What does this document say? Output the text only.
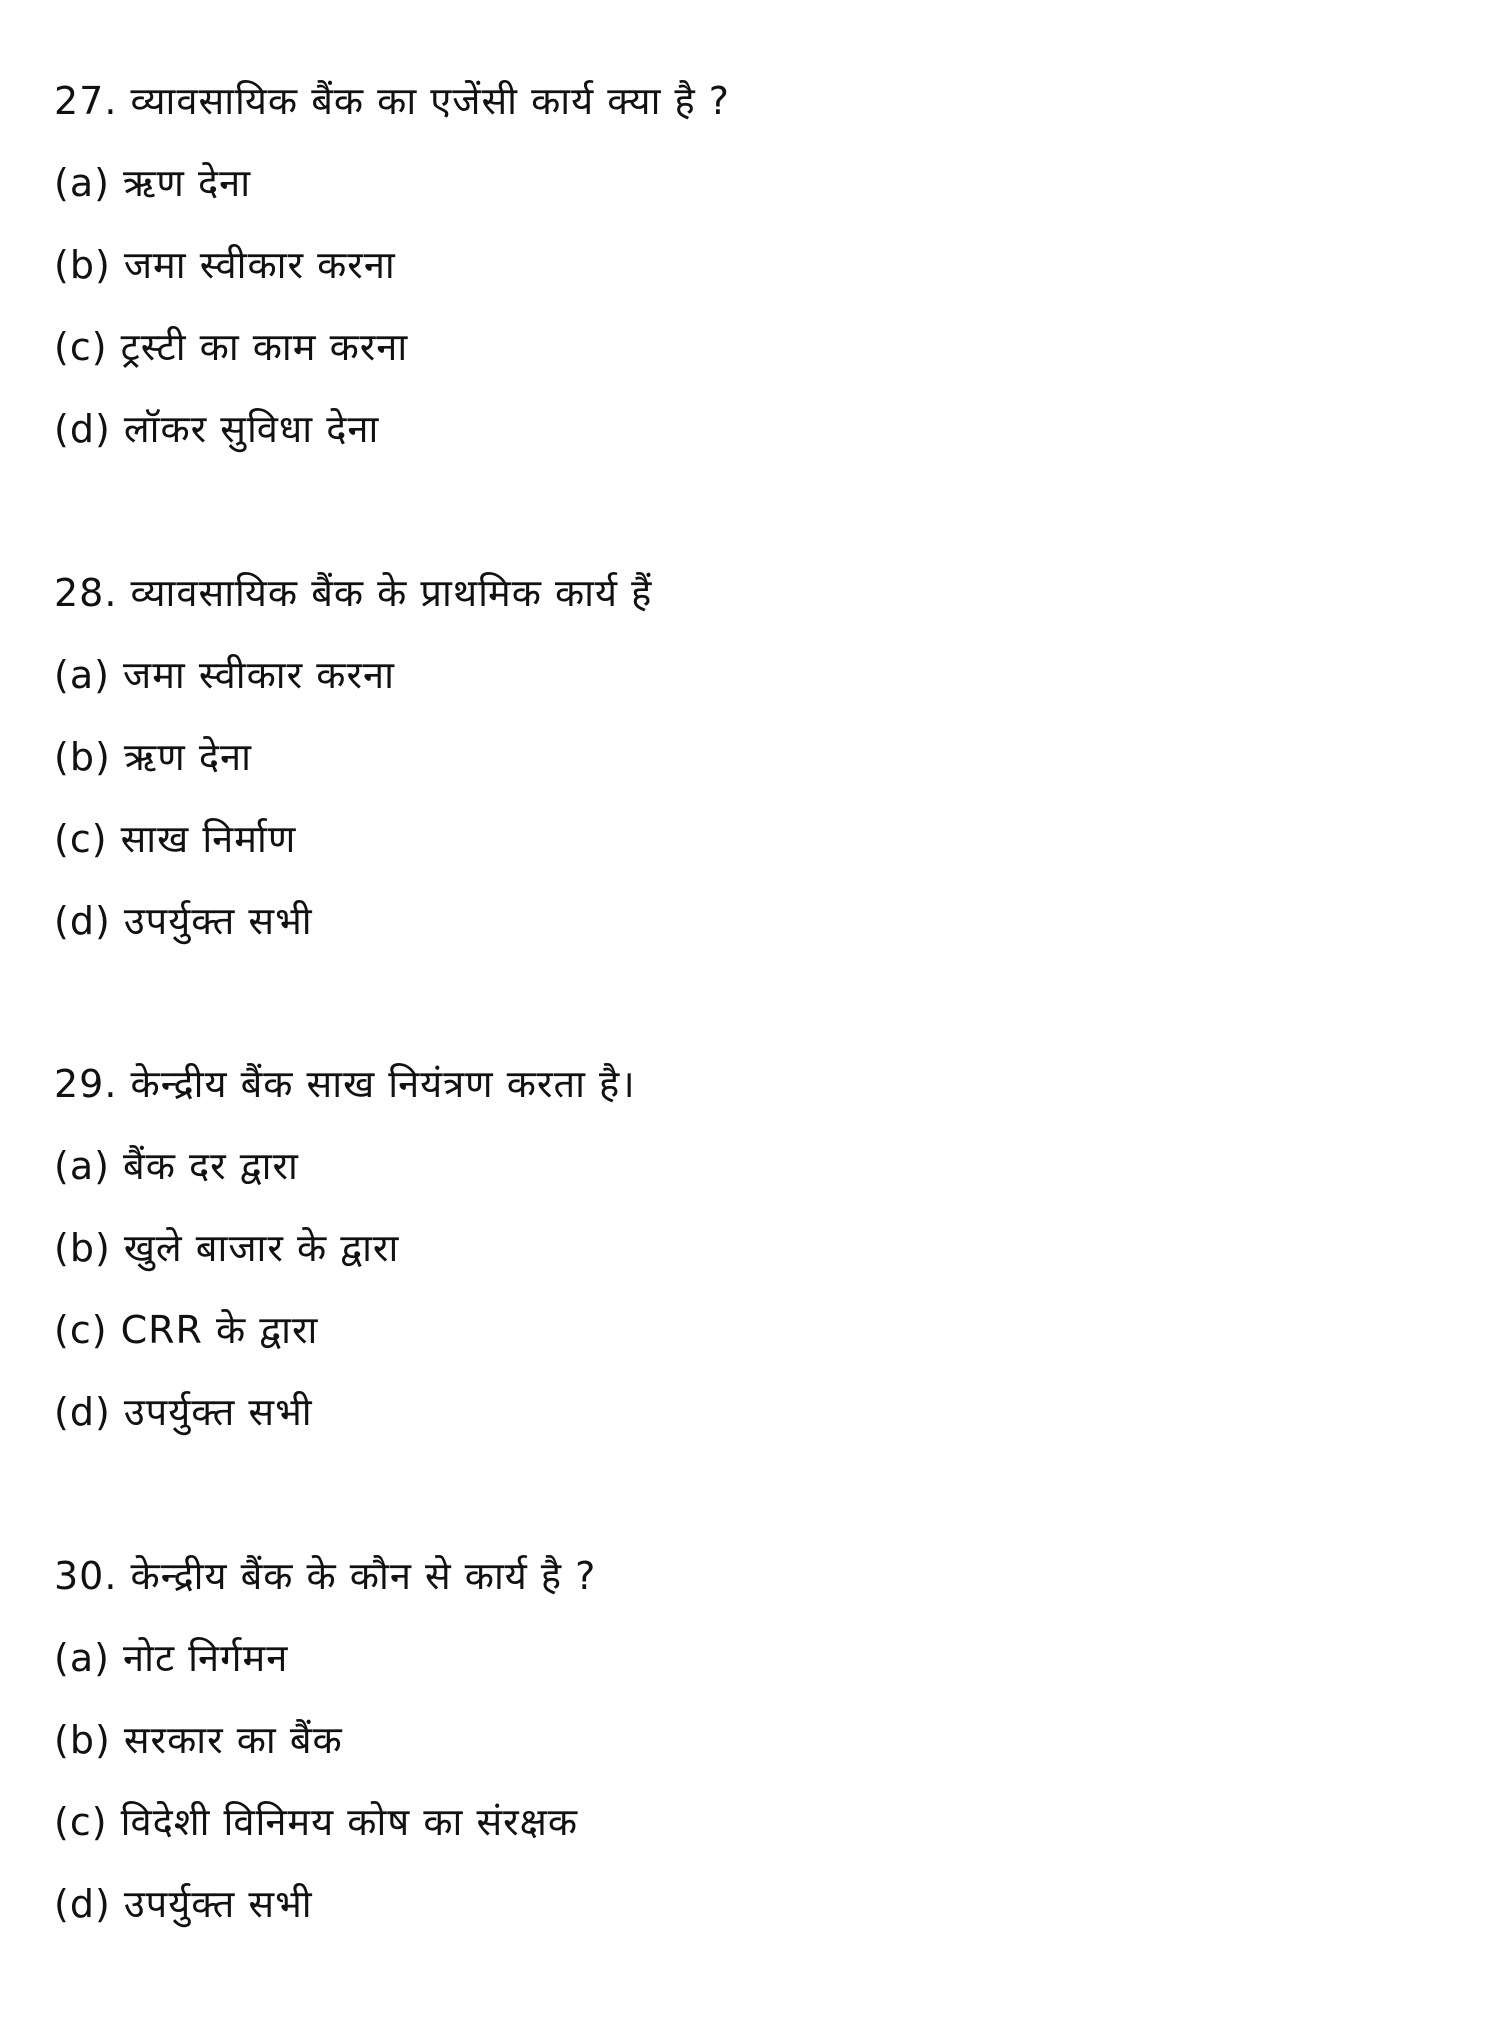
27. व्यावसायिक बैंक का एजेंसी कार्य क्या है ?
(a) ऋण देना
(b) जमा स्वीकार करना
(c) ट्रस्टी का काम करना
(d) लॉकर सुविधा देना
28. व्यावसायिक बैंक के प्राथमिक कार्य हैं
(a) जमा स्वीकार करना
(b) ऋण देना
(c) साख निर्माण
(d) उपर्युक्त सभी
29. केन्द्रीय बैंक साख नियंत्रण करता है।
(a) बैंक दर द्वारा
(b) खुले बाजार के द्वारा
(c) CRR के द्वारा
(d) उपर्युक्त सभी
30. केन्द्रीय बैंक के कौन से कार्य है ?
(a) नोट निर्गमन
(b) सरकार का बैंक
(c) विदेशी विनिमय कोष का संरक्षक
(d) उपर्युक्त सभी
